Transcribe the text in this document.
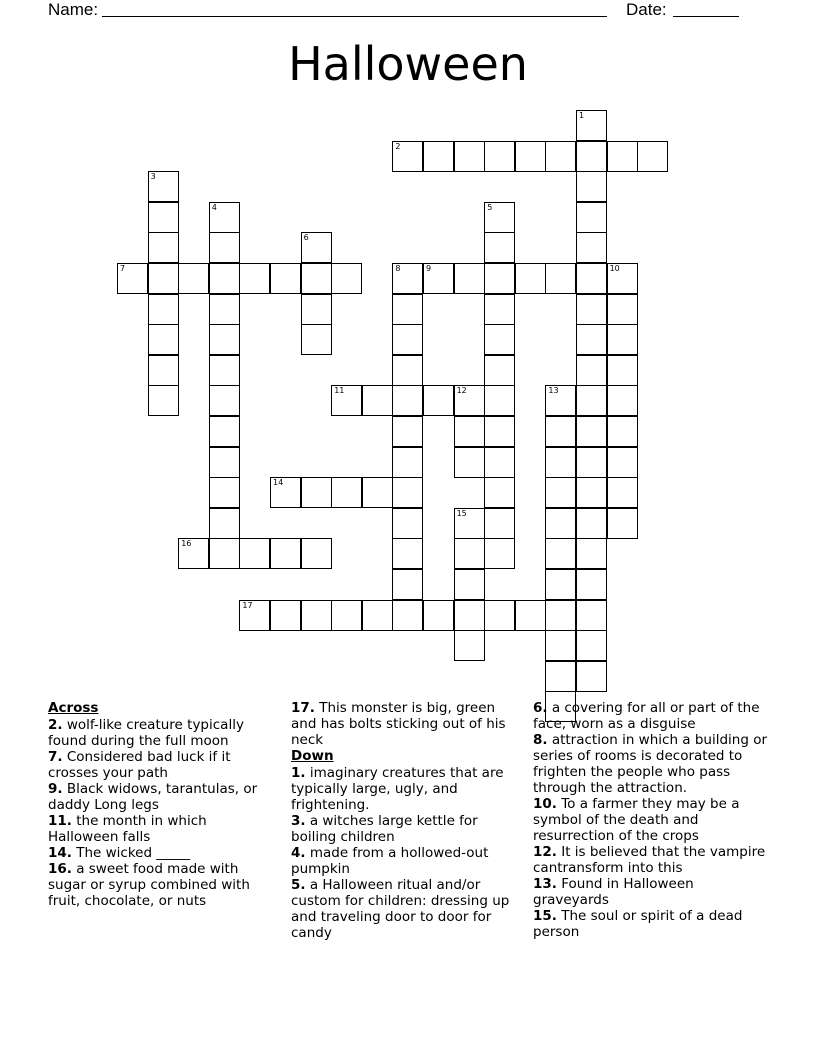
Name:	Date:
Halloween
1
2
3
4	5
6
7	8	9	10
11	12	13
14
15
16
17
Across
2. wolf-like creature typically found during the full moon
7. Considered bad luck if it crosses your path
9. Black widows, tarantulas, or daddy Long legs
11. the month in which Halloween falls
14. The wicked _____
16. a sweet food made with sugar or syrup combined with fruit, chocolate, or nuts
17. This monster is big, green and has bolts sticking out of his neck
Down
1. imaginary creatures that are typically large, ugly, and frightening.
3. a witches large kettle for boiling children
4. made from a hollowed-out pumpkin
5. a Halloween ritual and/or custom for children: dressing up and traveling door to door for candy
6. a covering for all or part of the face, worn as a disguise
8. attraction in which a building or series of rooms is decorated to frighten the people who pass through the attraction.
10. To a farmer they may be a symbol of the death and resurrection of the crops
12. It is believed that the vampire cantransform into this
13. Found in Halloween graveyards
15. The soul or spirit of a dead person
